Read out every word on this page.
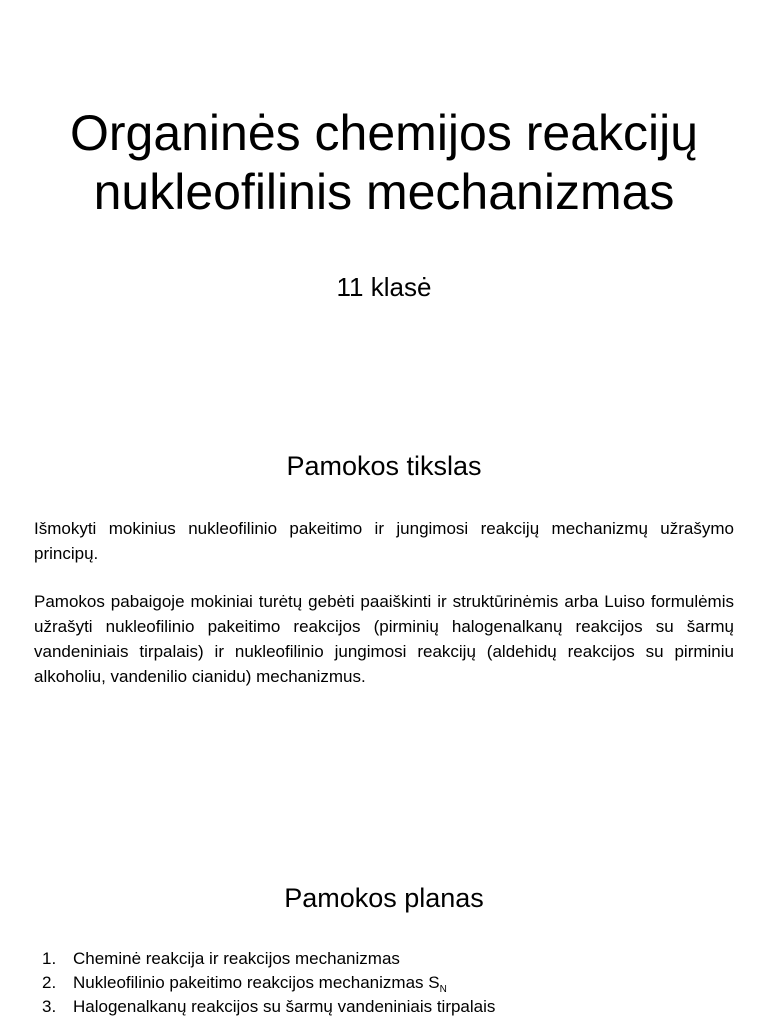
Organinės chemijos reakcijų nukleofilinis mechanizmas
11 klasė
Pamokos tikslas

Išmokyti mokinius nukleofilinio pakeitimo ir jungimosi reakcijų mechanizmų užrašymo principų.

Pamokos pabaigoje mokiniai turėtų gebėti paaiškinti ir struktūrinėmis arba Luiso formulėmis užrašyti nukleofilinio pakeitimo reakcijos (pirminių halogenalkanų reakcijos su šarmų vandeniniais tirpalais) ir nukleofilinio jungimosi reakcijų (aldehidų reakcijos su pirminiu alkoholiu, vandenilio cianidu) mechanizmus.

Pamokos planas
1. Cheminė reakcija ir reakcijos mechanizmas
2. Nukleofilinio pakeitimo reakcijos mechanizmas $S_N$
3. Halogenalkanų reakcijos su šarmų vandeniniais tirpalais
